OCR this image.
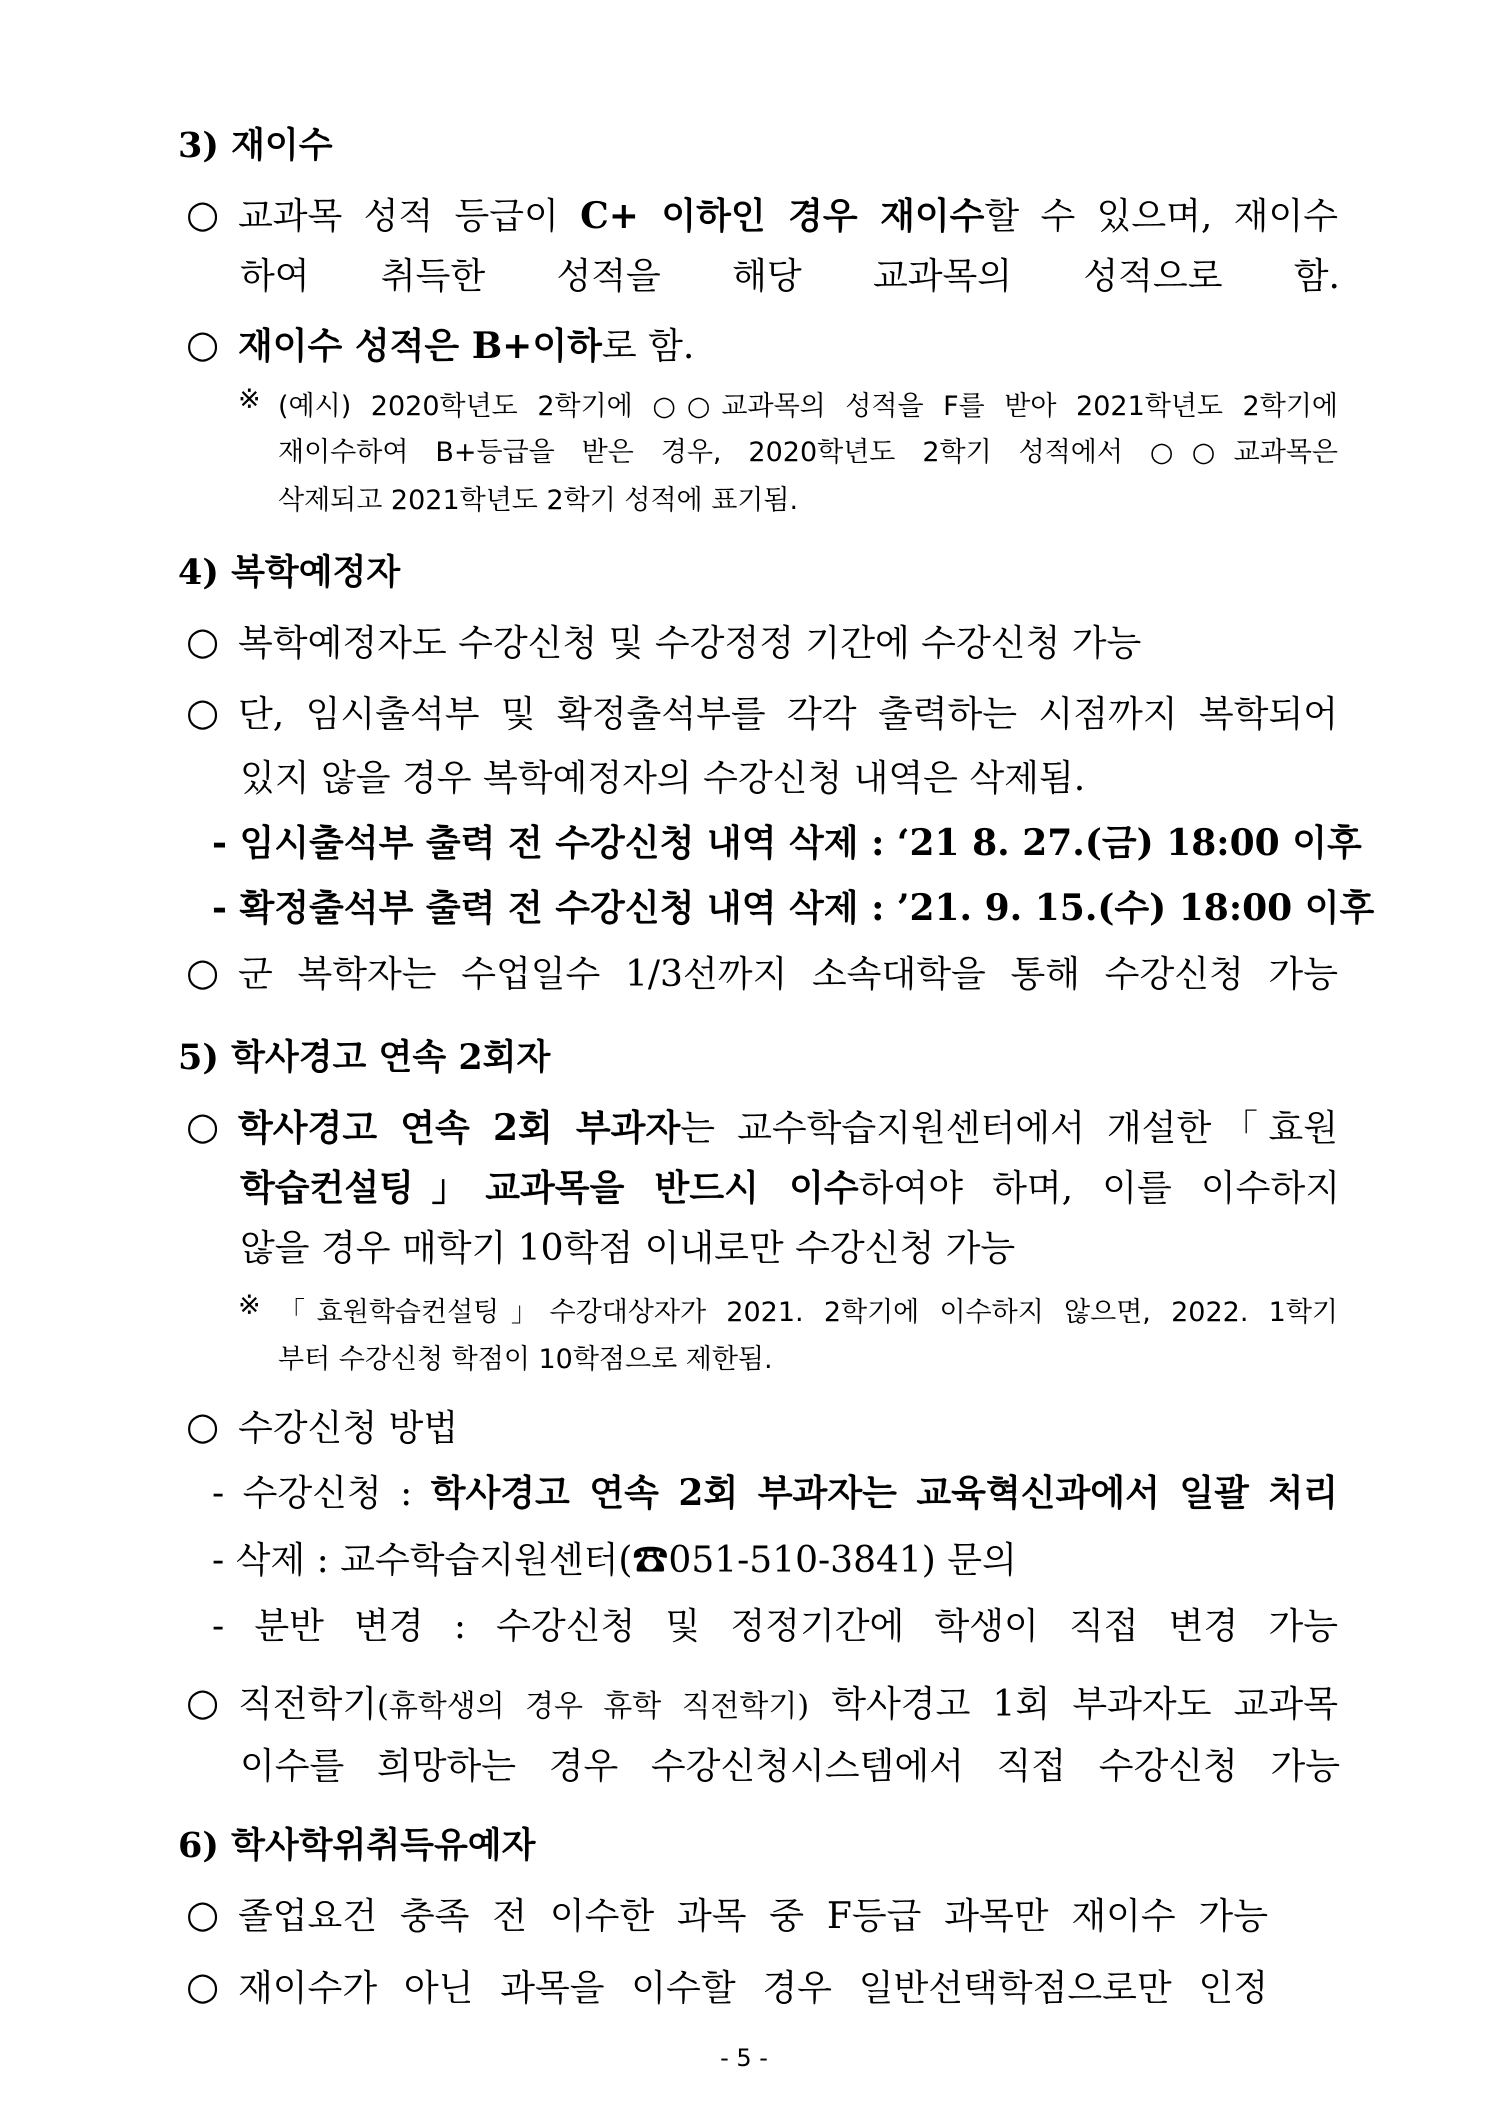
3) 재이수
○ 교과목 성적 등급이 C+ 이하인 경우 재이수할 수 있으며, 재이수
하여 취득한 성적을 해당 교과목의 성적으로 함.
○ 재이수 성적은 B+이하로 함.
※ (예시) 2020학년도 2학기에 ○○교과목의 성적을 F를 받아 2021학년도 2학기에
재이수하여 B+등급을 받은 경우, 2020학년도 2학기 성적에서 ○○교과목은
삭제되고 2021학년도 2학기 성적에 표기됨.
4) 복학예정자
○ 복학예정자도 수강신청 및 수강정정 기간에 수강신청 가능
○ 단, 임시출석부 및 확정출석부를 각각 출력하는 시점까지 복학되어
있지 않을 경우 복학예정자의 수강신청 내역은 삭제됨.
- 임시출석부 출력 전 수강신청 내역 삭제 : ‘21 8. 27.(금) 18:00 이후
- 확정출석부 출력 전 수강신청 내역 삭제 : ’21. 9. 15.(수) 18:00 이후
○ 군 복학자는 수업일수 1/3선까지 소속대학을 통해 수강신청 가능
5) 학사경고 연속 2회자
○ 학사경고 연속 2회 부과자는 교수학습지원센터에서 개설한「효원
학습컨설팅」교과목을 반드시 이수하여야 하며, 이를 이수하지
않을 경우 매학기 10학점 이내로만 수강신청 가능
※ 「효원학습컨설팅」수강대상자가 2021. 2학기에 이수하지 않으면, 2022. 1학기
부터 수강신청 학점이 10학점으로 제한됨.
○ 수강신청 방법
- 수강신청 : 학사경고 연속 2회 부과자는 교육혁신과에서 일괄 처리
- 삭제 : 교수학습지원센터(☎051-510-3841) 문의
- 분반 변경 : 수강신청 및 정정기간에 학생이 직접 변경 가능
○ 직전학기(휴학생의 경우 휴학 직전학기) 학사경고 1회 부과자도 교과목
이수를 희망하는 경우 수강신청시스템에서 직접 수강신청 가능
6) 학사학위취득유예자
○ 졸업요건 충족 전 이수한 과목 중 F등급 과목만 재이수 가능
○ 재이수가 아닌 과목을 이수할 경우 일반선택학점으로만 인정
- 5 -
